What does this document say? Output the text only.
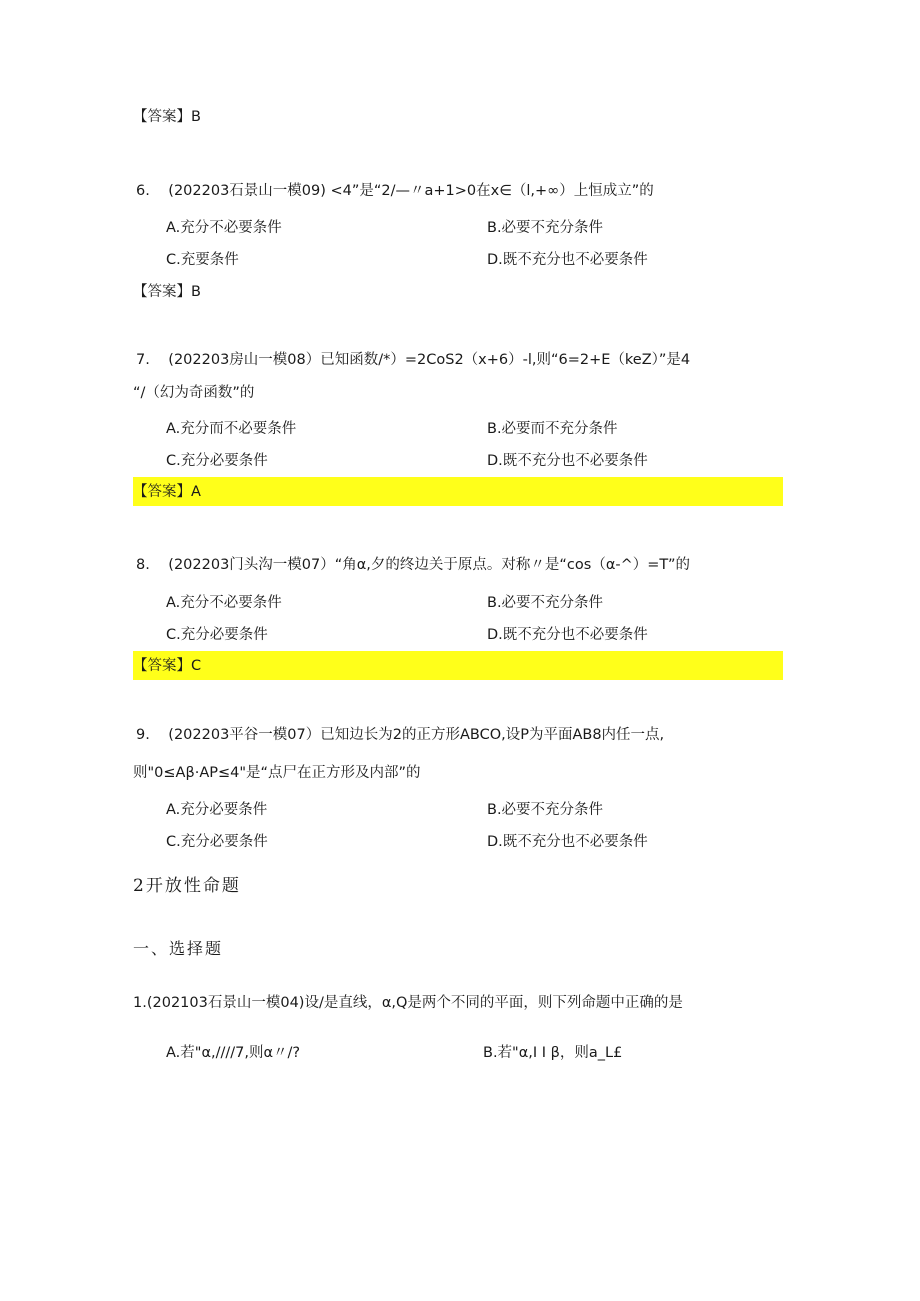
【答案】B
6. (202203石景山一模09) <4”是“2/—〃a+1>0在x∈（l,+∞）上恒成立”的
A.充分不必要条件	B.必要不充分条件
C.充要条件	D.既不充分也不必要条件
【答案】B
7. (202203房山一模08）已知函数/*）=2CoS2（x+6）-l,则“6=2+E（keZ）”是4
“/（幻为奇函数”的
A.充分而不必要条件	B.必要而不充分条件
C.充分必要条件	D.既不充分也不必要条件
【答案】A
8. (202203门头沟一模07）“角α,夕的终边关于原点。对称〃是“cos（α-^）=T”的
A.充分不必要条件	B.必要不充分条件
C.充分必要条件	D.既不充分也不必要条件
【答案】C
9. (202203平谷一模07）已知边长为2的正方形ABCO,设P为平面AB8内任一点,
则"0≤Aβ·AP≤4"是“点尸在正方形及内部”的
A.充分必要条件	B.必要不充分条件
C.充分必要条件	D.既不充分也不必要条件
2开放性命题
一、选择题
1.(202103石景山一模04)设/是直线，α,Q是两个不同的平面，则下列命题中正确的是
A.若"α,////7,则α〃/?	B.若"α,I I β，则a_L£
